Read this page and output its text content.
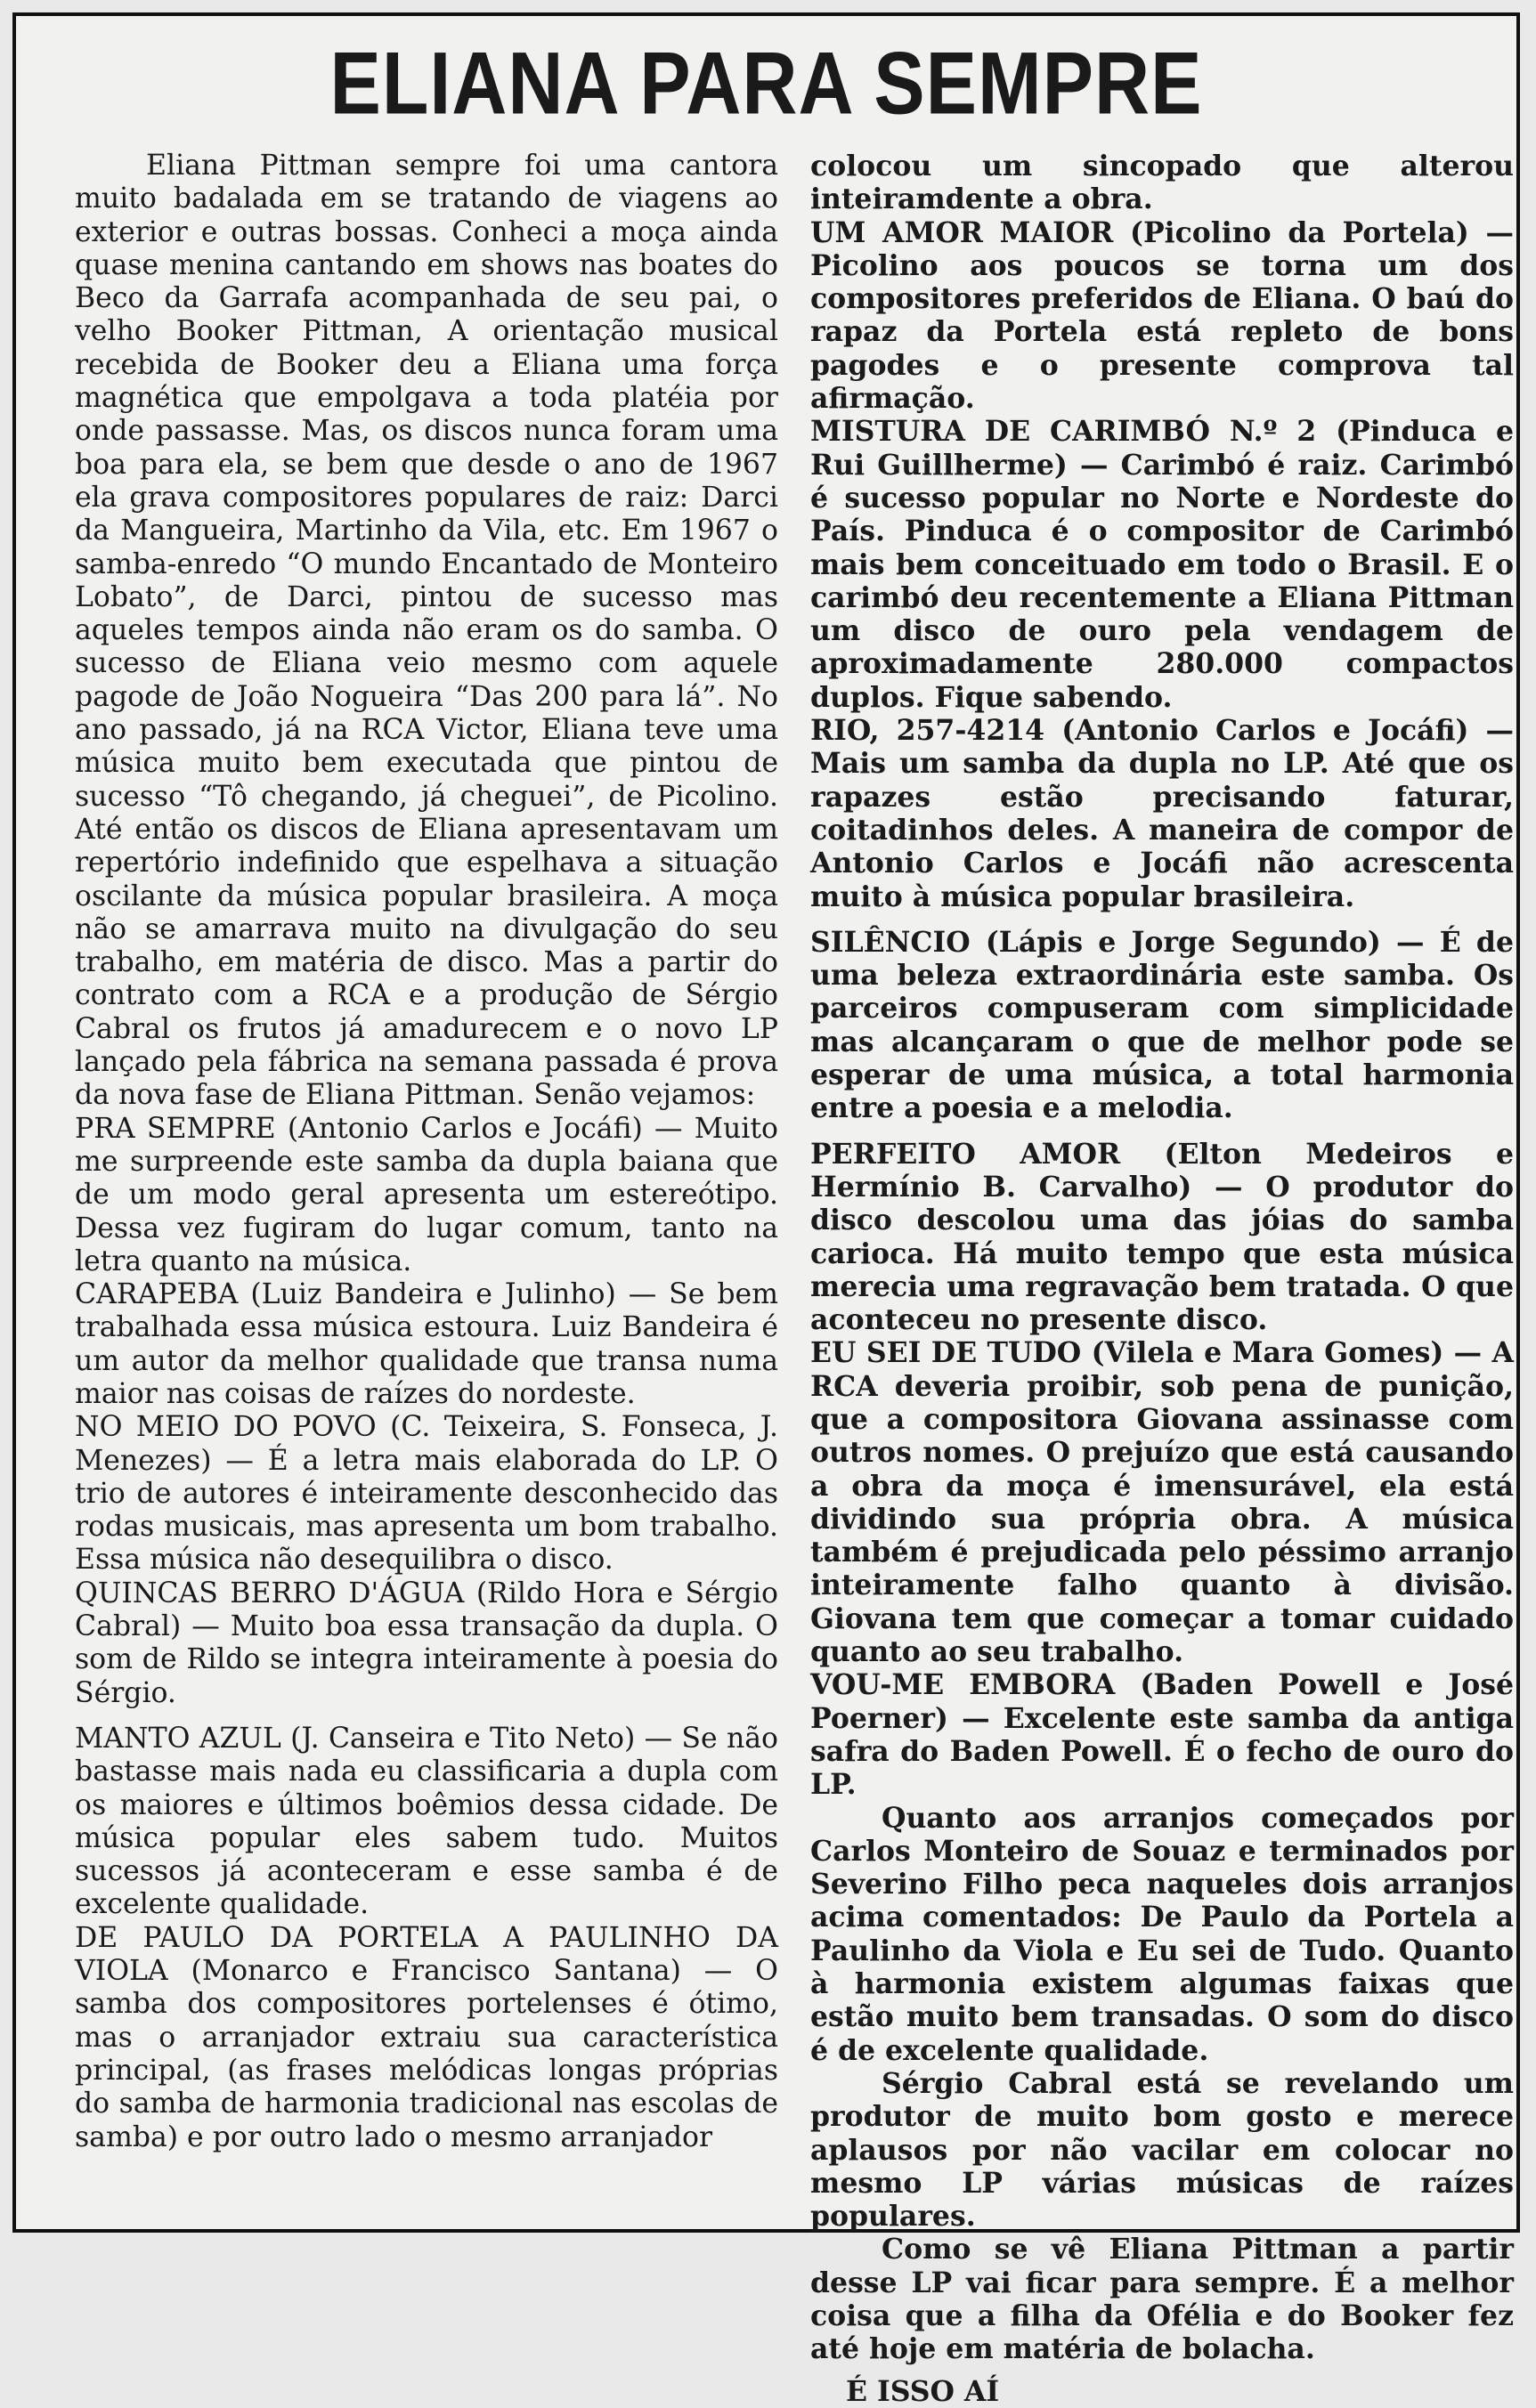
ELIANA PARA SEMPRE

Eliana Pittman sempre foi uma cantora muito badalada em se tratando de viagens ao exterior e outras bossas. Conheci a moça ainda quase menina cantando em shows nas boates do Beco da Garrafa acompanhada de seu pai, o velho Booker Pittman, A orientação musical recebida de Booker deu a Eliana uma força magnética que empolgava a toda platéia por onde passasse. Mas, os discos nunca foram uma boa para ela, se bem que desde o ano de 1967 ela grava compositores populares de raiz: Darci da Mangueira, Martinho da Vila, etc. Em 1967 o samba-enredo “O mundo Encantado de Monteiro Lobato”, de Darci, pintou de sucesso mas aqueles tempos ainda não eram os do samba. O sucesso de Eliana veio mesmo com aquele pagode de João Nogueira “Das 200 para lá”. No ano passado, já na RCA Victor, Eliana teve uma música muito bem executada que pintou de sucesso “Tô chegando, já cheguei”, de Picolino. Até então os discos de Eliana apresentavam um repertório indefinido que espelhava a situação oscilante da música popular brasileira. A moça não se amarrava muito na divulgação do seu trabalho, em matéria de disco. Mas a partir do contrato com a RCA e a produção de Sérgio Cabral os frutos já amadurecem e o novo LP lançado pela fábrica na semana passada é prova da nova fase de Eliana Pittman. Senão vejamos:

PRA SEMPRE (Antonio Carlos e Jocáfi) — Muito me surpreende este samba da dupla baiana que de um modo geral apresenta um estereótipo. Dessa vez fugiram do lugar comum, tanto na letra quanto na música.

CARAPEBA (Luiz Bandeira e Julinho) — Se bem trabalhada essa música estoura. Luiz Bandeira é um autor da melhor qualidade que transa numa maior nas coisas de raízes do nordeste.

NO MEIO DO POVO (C. Teixeira, S. Fonseca, J. Menezes) — É a letra mais elaborada do LP. O trio de autores é inteiramente desconhecido das rodas musicais, mas apresenta um bom trabalho. Essa música não desequilibra o disco.

QUINCAS BERRO D'ÁGUA (Rildo Hora e Sérgio Cabral) — Muito boa essa transação da dupla. O som de Rildo se integra inteiramente à poesia do Sérgio.

MANTO AZUL (J. Canseira e Tito Neto) — Se não bastasse mais nada eu classificaria a dupla com os maiores e últimos boêmios dessa cidade. De música popular eles sabem tudo. Muitos sucessos já aconteceram e esse samba é de excelente qualidade.

DE PAULO DA PORTELA A PAULINHO DA VIOLA (Monarco e Francisco Santana) — O samba dos compositores portelenses é ótimo, mas o arranjador extraiu sua característica principal, (as frases melódicas longas próprias do samba de harmonia tradicional nas escolas de samba) e por outro lado o mesmo arranjador

colocou um sincopado que alterou inteiramdente a obra.

UM AMOR MAIOR (Picolino da Portela) — Picolino aos poucos se torna um dos compositores preferidos de Eliana. O baú do rapaz da Portela está repleto de bons pagodes e o presente comprova tal afirmação.

MISTURA DE CARIMBÓ N.º 2 (Pinduca e Rui Guillherme) — Carimbó é raiz. Carimbó é sucesso popular no Norte e Nordeste do País. Pinduca é o compositor de Carimbó mais bem conceituado em todo o Brasil. E o carimbó deu recentemente a Eliana Pittman um disco de ouro pela vendagem de aproximadamente 280.000 compactos duplos. Fique sabendo.

RIO, 257-4214 (Antonio Carlos e Jocáfi) — Mais um samba da dupla no LP. Até que os rapazes estão precisando faturar, coitadinhos deles. A maneira de compor de Antonio Carlos e Jocáfi não acrescenta muito à música popular brasileira.

SILÊNCIO (Lápis e Jorge Segundo) — É de uma beleza extraordinária este samba. Os parceiros compuseram com simplicidade mas alcançaram o que de melhor pode se esperar de uma música, a total harmonia entre a poesia e a melodia.

PERFEITO AMOR (Elton Medeiros e Hermínio B. Carvalho) — O produtor do disco descolou uma das jóias do samba carioca. Há muito tempo que esta música merecia uma regravação bem tratada. O que aconteceu no presente disco.

EU SEI DE TUDO (Vilela e Mara Gomes) — A RCA deveria proibir, sob pena de punição, que a compositora Giovana assinasse com outros nomes. O prejuízo que está causando a obra da moça é imensurável, ela está dividindo sua própria obra. A música também é prejudicada pelo péssimo arranjo inteiramente falho quanto à divisão. Giovana tem que começar a tomar cuidado quanto ao seu trabalho.

VOU-ME EMBORA (Baden Powell e José Poerner) — Excelente este samba da antiga safra do Baden Powell. É o fecho de ouro do LP.

Quanto aos arranjos começados por Carlos Monteiro de Souaz e terminados por Severino Filho peca naqueles dois arranjos acima comentados: De Paulo da Portela a Paulinho da Viola e Eu sei de Tudo. Quanto à harmonia existem algumas faixas que estão muito bem transadas. O som do disco é de excelente qualidade.

Sérgio Cabral está se revelando um produtor de muito bom gosto e merece aplausos por não vacilar em colocar no mesmo LP várias músicas de raízes populares.

Como se vê Eliana Pittman a partir desse LP vai ficar para sempre. É a melhor coisa que a filha da Ofélia e do Booker fez até hoje em matéria de bolacha.

É ISSO AÍ
